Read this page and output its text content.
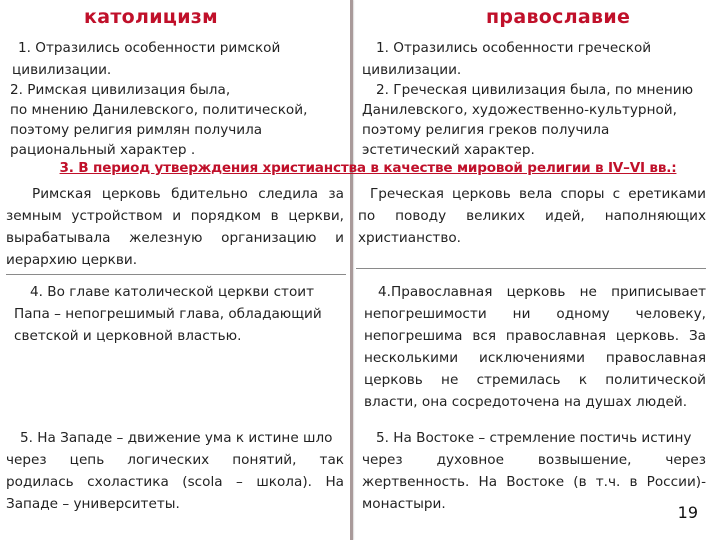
католицизм	православие
1. Отразились особенности римской
цивилизации.
2. Римская цивилизация была,
по мнению Данилевского, политической,
поэтому религия римлян получила
рациональный характер .
3. В период утверждения христианства в качестве мировой религии в IV–VI вв.:
Римская церковь бдительно следила за
земным устройством и порядком в церкви,
вырабатывала железную организацию и
иерархию церкви.
4. Во главе католической церкви стоит
Папа – непогрешимый глава, обладающий
светской и церковной властью.
5. На Западе – движение ума к истине шло
через цепь логических понятий, так
родилась схоластика (scola – школа). На
Западе – университеты.
1. Отразились особенности греческой
цивилизации.
2. Греческая цивилизация была, по мнению
Данилевского, художественно-культурной,
поэтому религия греков получила
эстетический характер.
Греческая церковь вела споры с еретиками
по поводу великих идей, наполняющих
христианство.
4.Православная церковь не приписывает
непогрешимости ни одному человеку,
непогрешима вся православная церковь. За
несколькими исключениями православная
церковь не стремилась к политической
власти, она сосредоточена на душах людей.
5. На Востоке – стремление постичь истину
через духовное возвышение, через
жертвенность. На Востоке (в т.ч. в России)-
монастыри.	19
